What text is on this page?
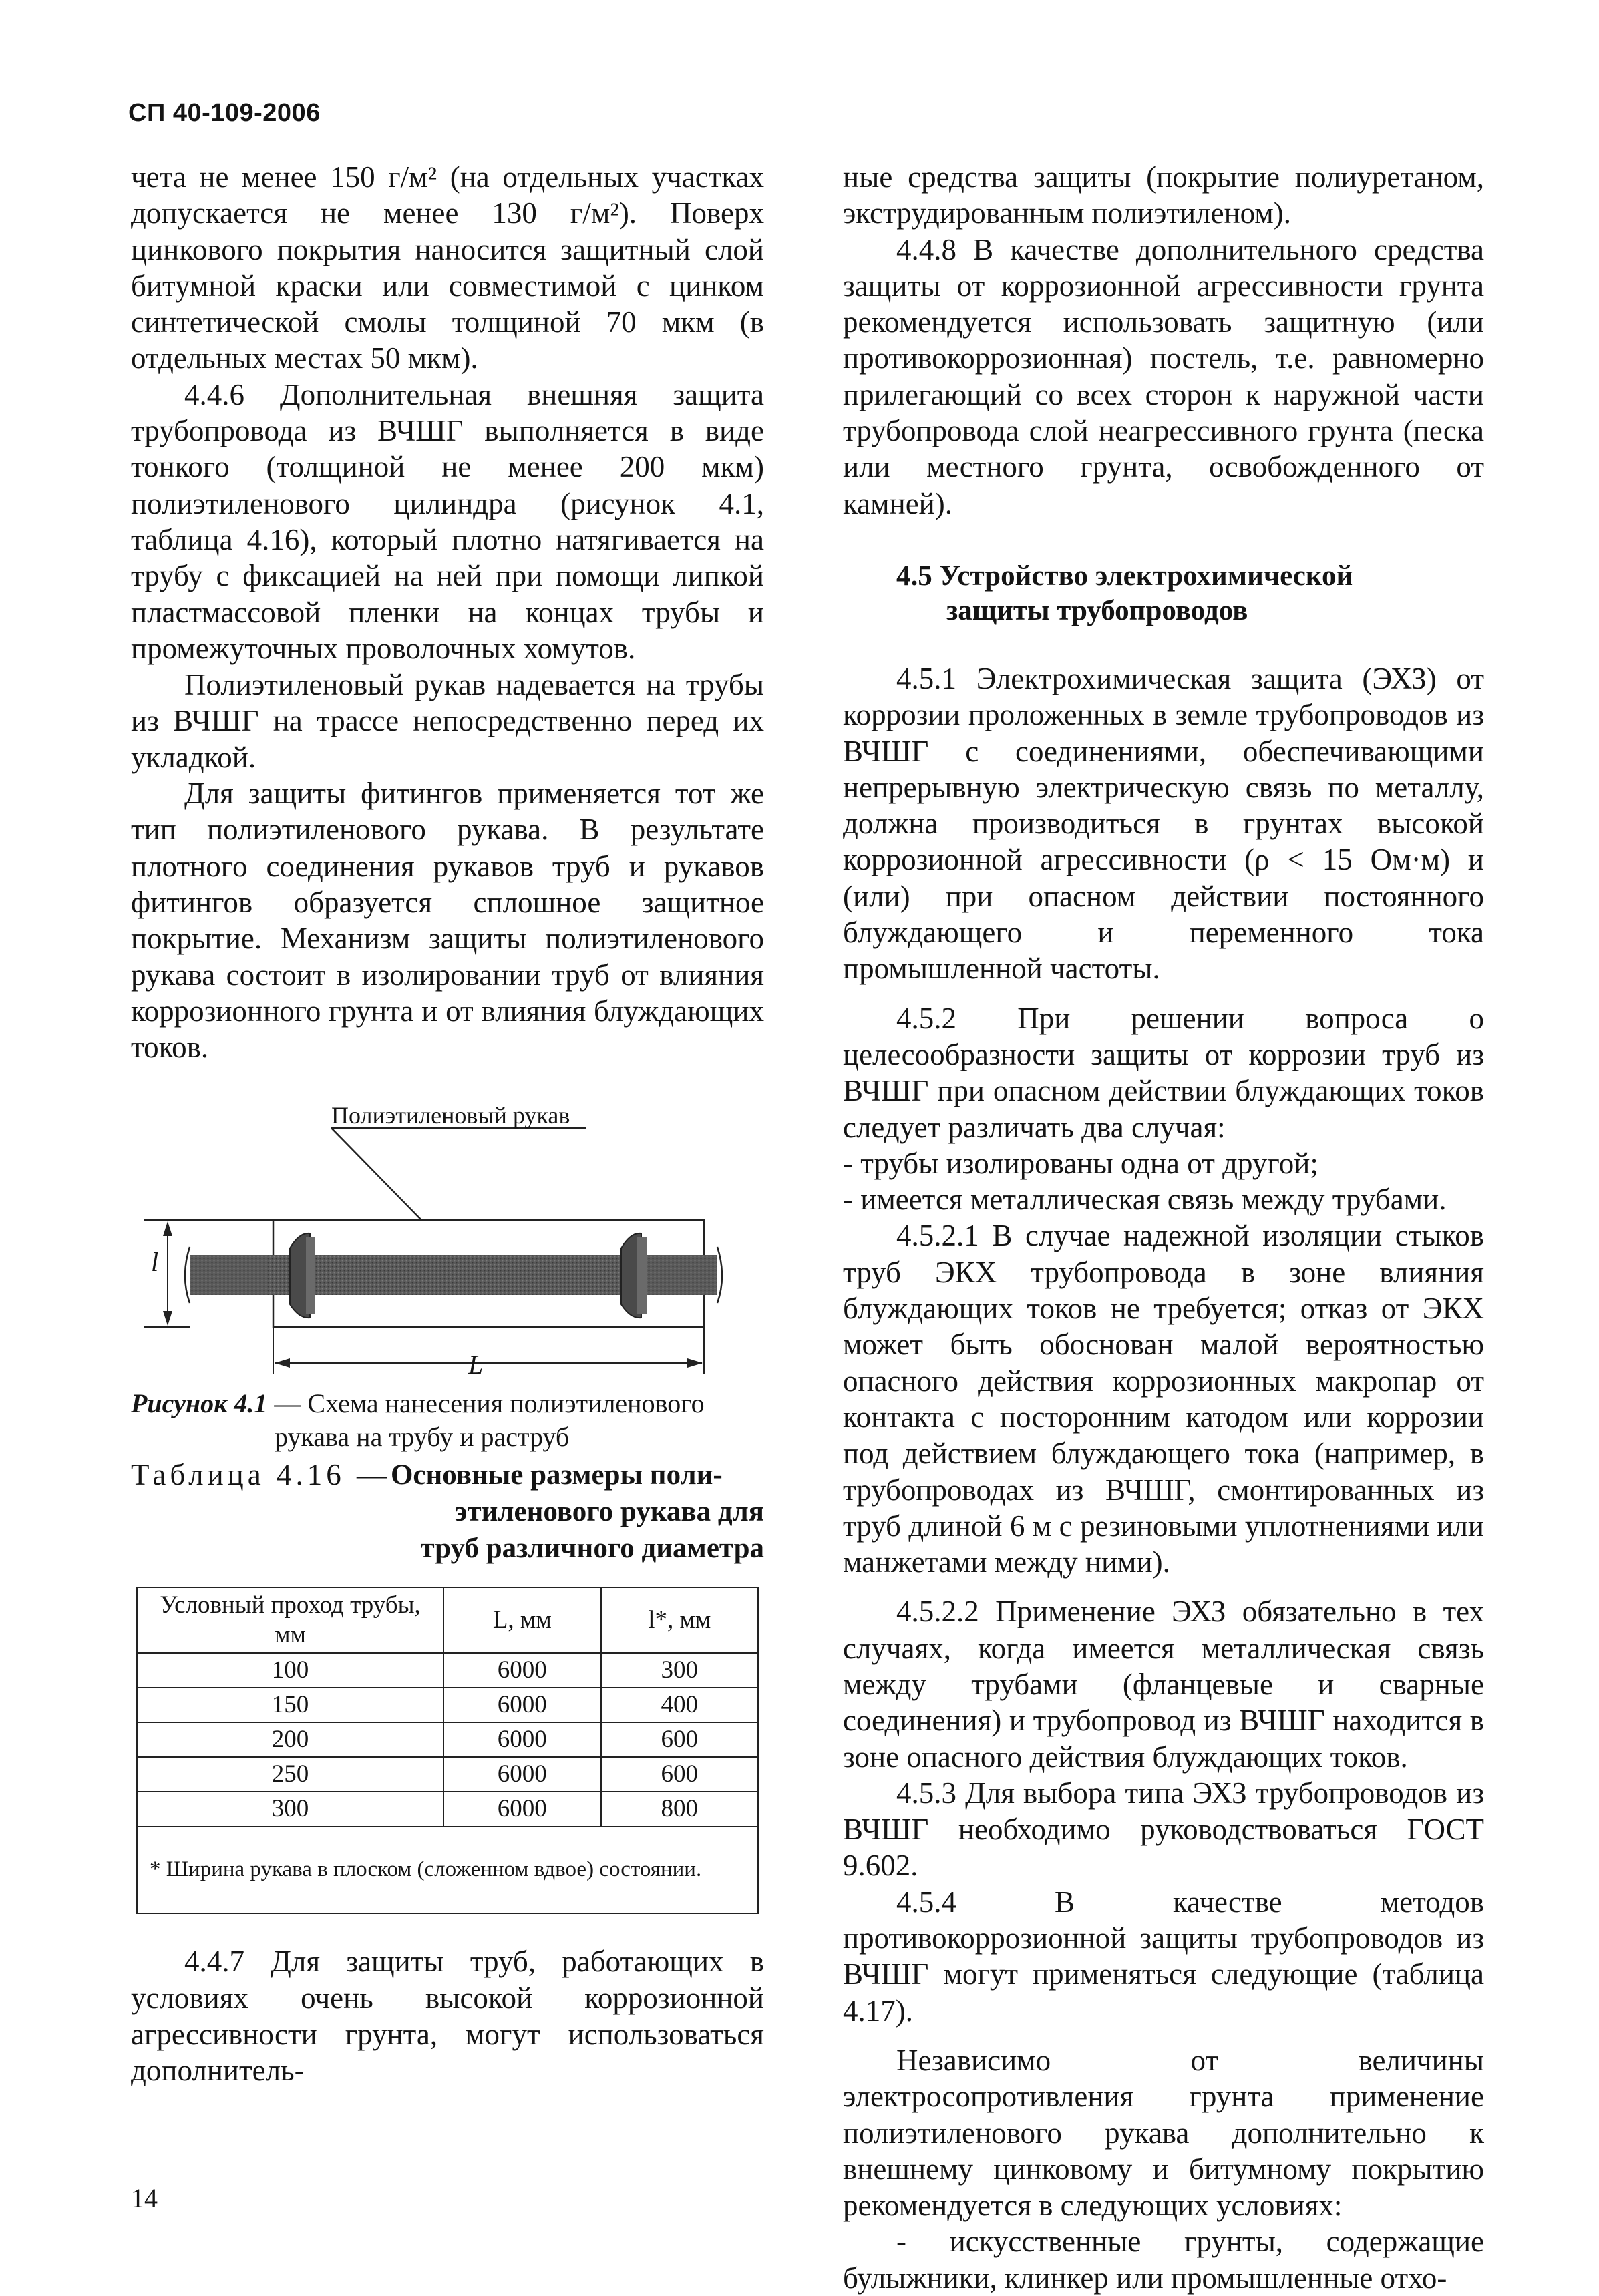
СП 40-109-2006

чета не менее 150 г/м² (на отдельных участках допускается не менее 130 г/м²). Поверх цинкового покрытия наносится защитный слой битумной краски или совместимой с цинком синтетической смолы толщиной 70 мкм (в отдельных местах 50 мкм).

4.4.6 Дополнительная внешняя защита трубопровода из ВЧШГ выполняется в виде тонкого (толщиной не менее 200 мкм) полиэтиленового цилиндра (рисунок 4.1, таблица 4.16), который плотно натягивается на трубу с фиксацией на ней при помощи липкой пластмассовой пленки на концах трубы и промежуточных проволочных хомутов.

Полиэтиленовый рукав надевается на трубы из ВЧШГ на трассе непосредственно перед их укладкой.

Для защиты фитингов применяется тот же тип полиэтиленового рукава. В результате плотного соединения рукавов труб и рукавов фитингов образуется сплошное защитное покрытие. Механизм защиты полиэтиленового рукава состоит в изолировании труб от влияния коррозионного грунта и от влияния блуждающих токов.

Полиэтиленовый рукав
l
L
Рисунок 4.1 — Схема нанесения полиэтиленового
рукава на трубу и раструб
Таблица 4.16 — Основные размеры поли-
этиленового рукава для
труб различного диаметра
Условный проход трубы, мм	L, мм	l*, мм
100	6000	300
150	6000	400
200	6000	600
250	6000	600
300	6000	800
* Ширина рукава в плоском (сложенном вдвое) состоянии.		

4.4.7 Для защиты труб, работающих в условиях очень высокой коррозионной агрессивности грунта, могут использоваться дополнитель-

ные средства защиты (покрытие полиуретаном, экструдированным полиэтиленом).

4.4.8 В качестве дополнительного средства защиты от коррозионной агрессивности грунта рекомендуется использовать защитную (или противокоррозионная) постель, т.е. равномерно прилегающий со всех сторон к наружной части трубопровода слой неагрессивного грунта (песка или местного грунта, освобожденного от камней).

4.5 Устройство электрохимической
защиты трубопроводов

4.5.1 Электрохимическая защита (ЭХЗ) от коррозии проложенных в земле трубопроводов из ВЧШГ с соединениями, обеспечивающими непрерывную электрическую связь по металлу, должна производиться в грунтах высокой коррозионной агрессивности (ρ < 15 Ом·м) и (или) при опасном действии постоянного блуждающего и переменного тока промышленной частоты.

4.5.2 При решении вопроса о целесообразности защиты от коррозии труб из ВЧШГ при опасном действии блуждающих токов следует различать два случая:

- трубы изолированы одна от другой;

- имеется металлическая связь между трубами.

4.5.2.1 В случае надежной изоляции стыков труб ЭКХ трубопровода в зоне влияния блуждающих токов не требуется; отказ от ЭКХ может быть обоснован малой вероятностью опасного действия коррозионных макропар от контакта с посторонним катодом или коррозии под действием блуждающего тока (например, в трубопроводах из ВЧШГ, смонтированных из труб длиной 6 м с резиновыми уплотнениями или манжетами между ними).

4.5.2.2 Применение ЭХЗ обязательно в тех случаях, когда имеется металлическая связь между трубами (фланцевые и сварные соединения) и трубопровод из ВЧШГ находится в зоне опасного действия блуждающих токов.

4.5.3 Для выбора типа ЭХЗ трубопроводов из ВЧШГ необходимо руководствоваться ГОСТ 9.602.

4.5.4 В качестве методов противокоррозионной защиты трубопроводов из ВЧШГ могут применяться следующие (таблица 4.17).

Независимо от величины электросопротивления грунта применение полиэтиленового рукава дополнительно к внешнему цинковому и битумному покрытию рекомендуется в следующих условиях:

- искусственные грунты, содержащие булыжники, клинкер или промышленные отхо-

14
